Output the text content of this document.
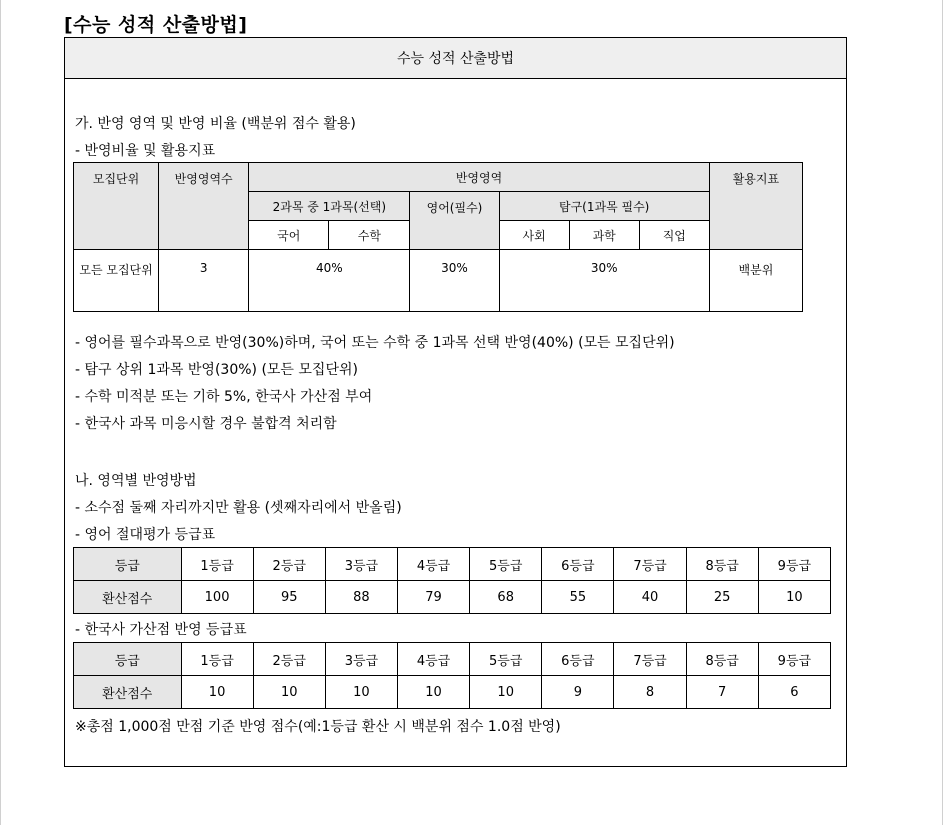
[수능 성적 산출방법]
수능 성적 산출방법
가. 반영 영역 및 반영 비율 (백분위 점수 활용)
- 반영비율 및 활용지표
모집단위	반영영역수	반영영역						활용지표
		2과목 중 1과목(선택)		영어(필수)	탐구(1과목 필수)			
		국어	수학		사회	과학	직업	
모든 모집단위	3	40%		30%	30%			백분위
- 영어를 필수과목으로 반영(30%)하며, 국어 또는 수학 중 1과목 선택 반영(40%) (모든 모집단위)
- 탐구 상위 1과목 반영(30%) (모든 모집단위)
- 수학 미적분 또는 기하 5%, 한국사 가산점 부여
- 한국사 과목 미응시할 경우 불합격 처리함
나. 영역별 반영방법
- 소수점 둘째 자리까지만 활용 (셋째자리에서 반올림)
- 영어 절대평가 등급표
등급	1등급	2등급	3등급	4등급	5등급	6등급	7등급	8등급	9등급
환산점수	100	95	88	79	68	55	40	25	10
- 한국사 가산점 반영 등급표
등급	1등급	2등급	3등급	4등급	5등급	6등급	7등급	8등급	9등급
환산점수	10	10	10	10	10	9	8	7	6
※총점 1,000점 만점 기준 반영 점수(예:1등급 환산 시 백분위 점수 1.0점 반영)
